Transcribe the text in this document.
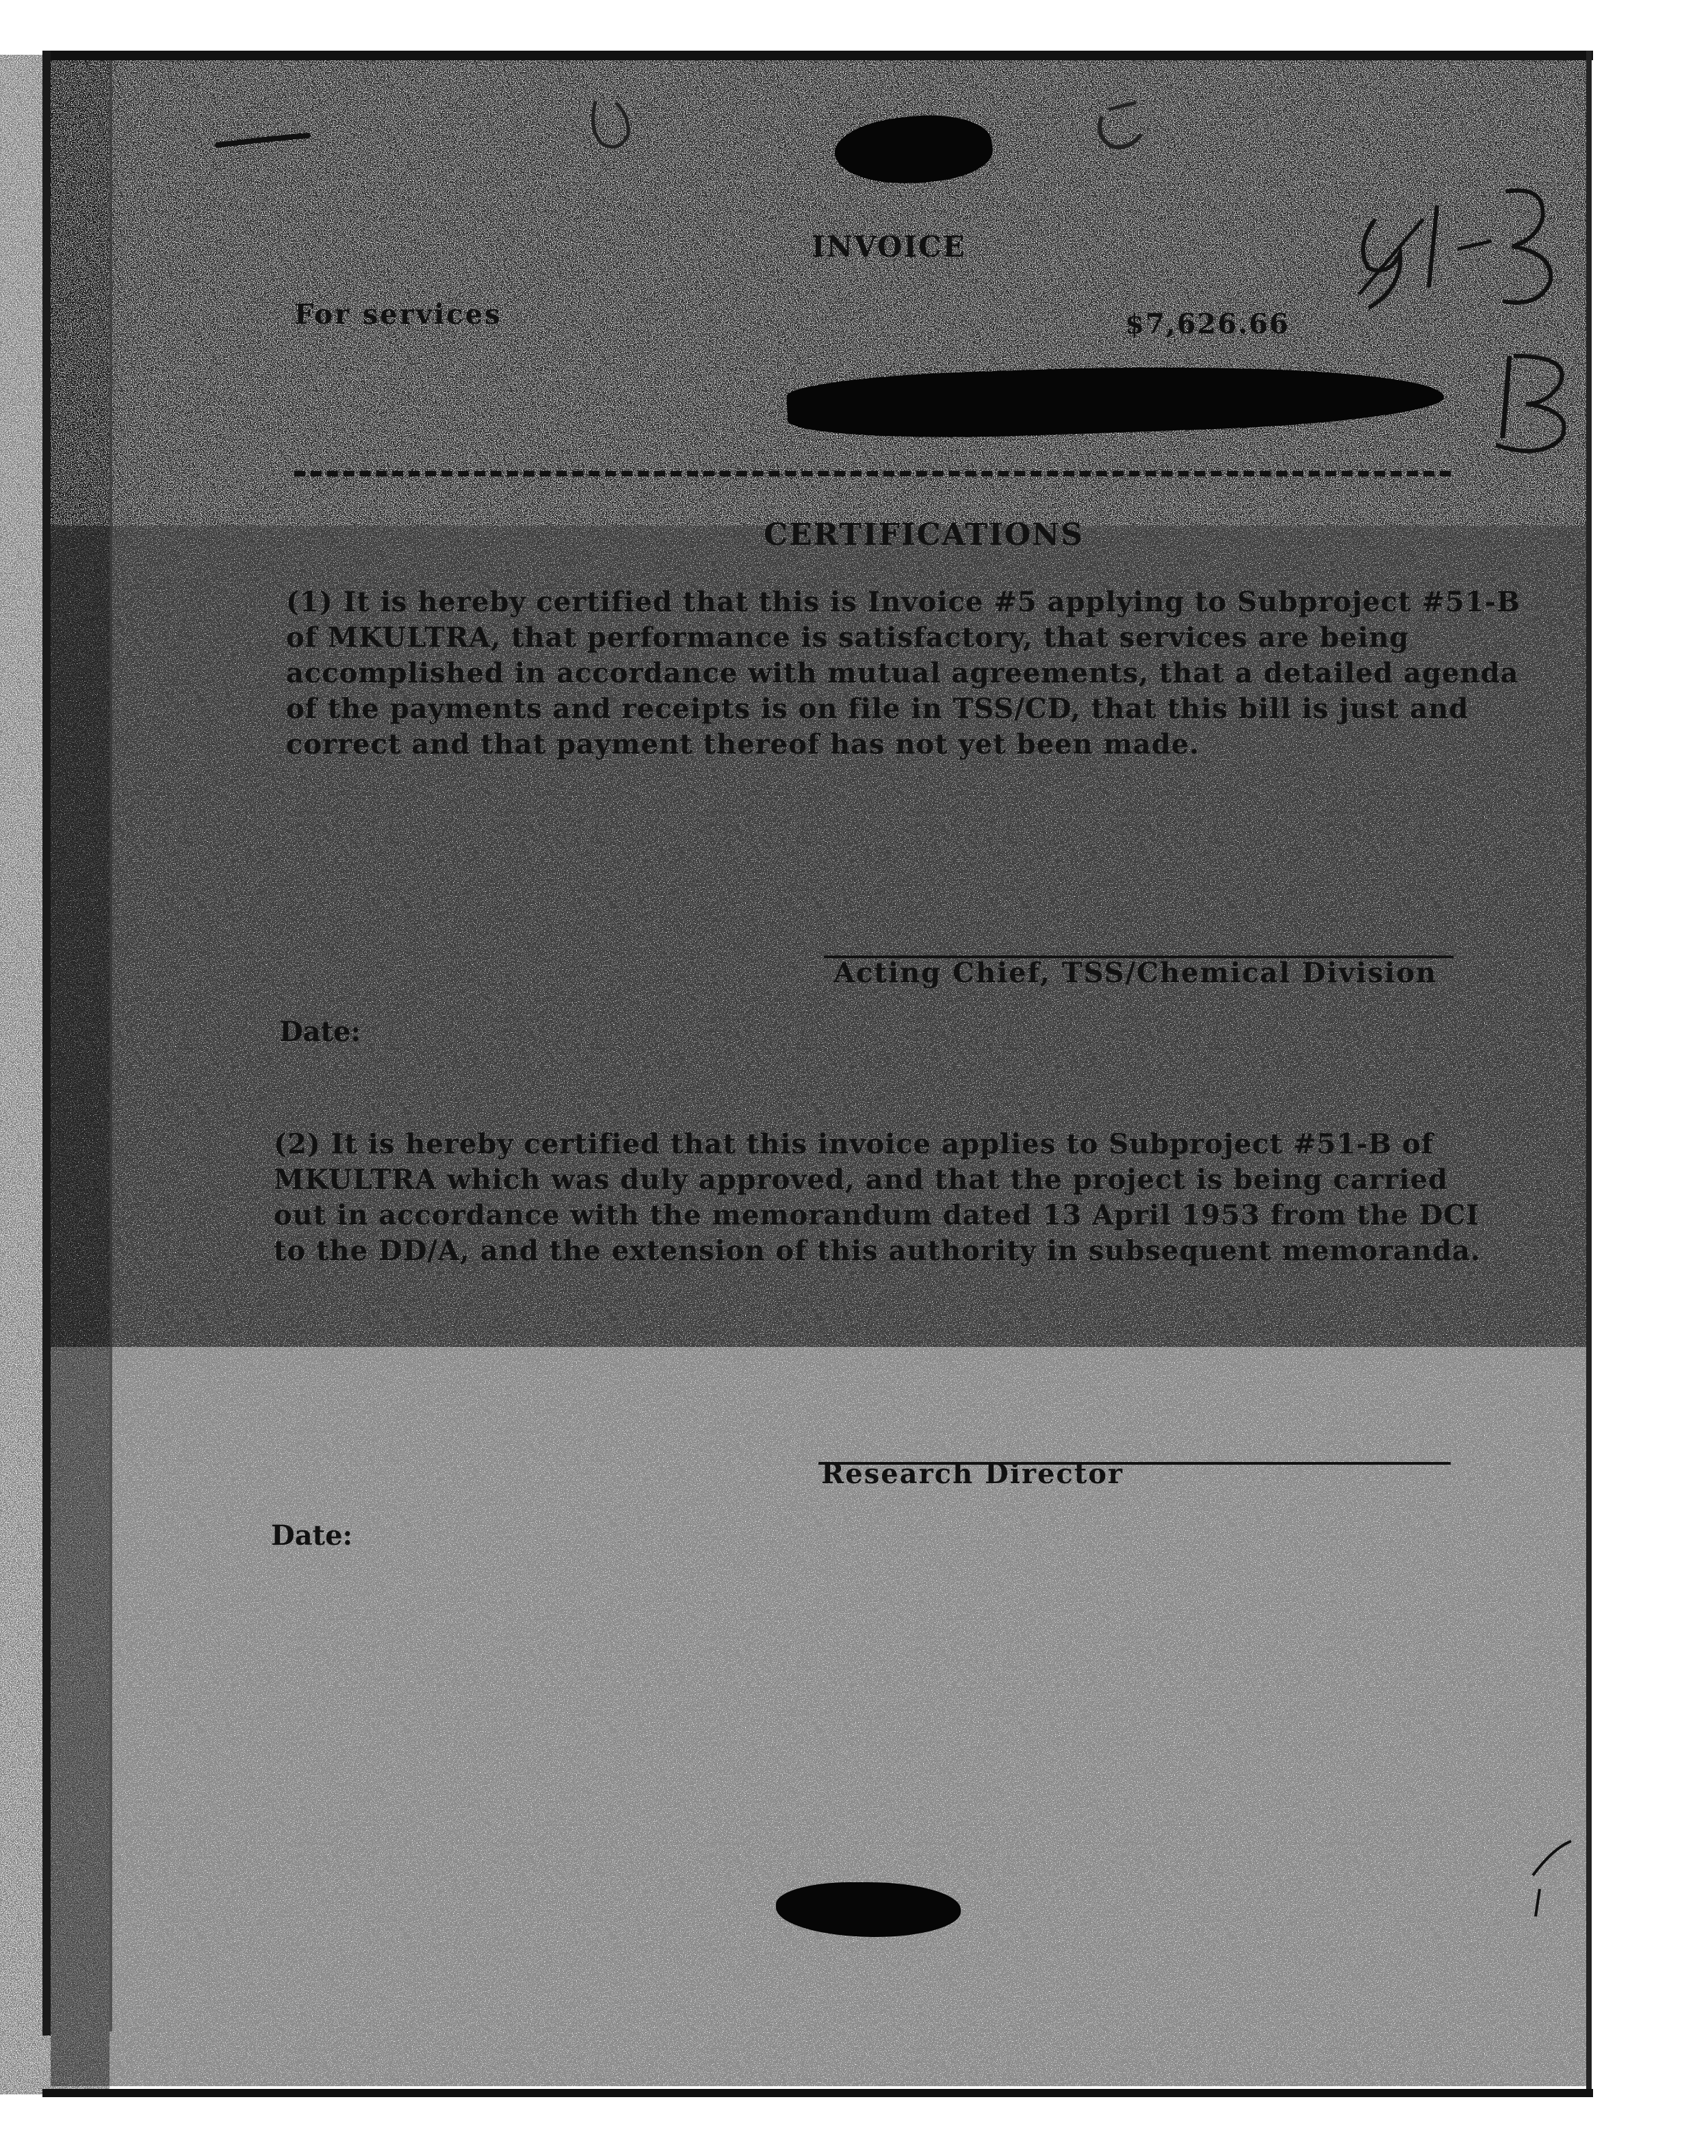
INVOICE
For services	$7,626.66
CERTIFICATIONS
(1) It is hereby certified that this is Invoice #5 applying to Subproject #51-B
of MKULTRA, that performance is satisfactory, that services are being
accomplished in accordance with mutual agreements, that a detailed agenda
of the payments and receipts is on file in TSS/CD, that this bill is just and
correct and that payment thereof has not yet been made.
Acting Chief, TSS/Chemical Division
Date:
(2) It is hereby certified that this invoice applies to Subproject #51-B of
MKULTRA which was duly approved, and that the project is being carried
out in accordance with the memorandum dated 13 April 1953 from the DCI
to the DD/A, and the extension of this authority in subsequent memoranda.
Research Director
Date:
